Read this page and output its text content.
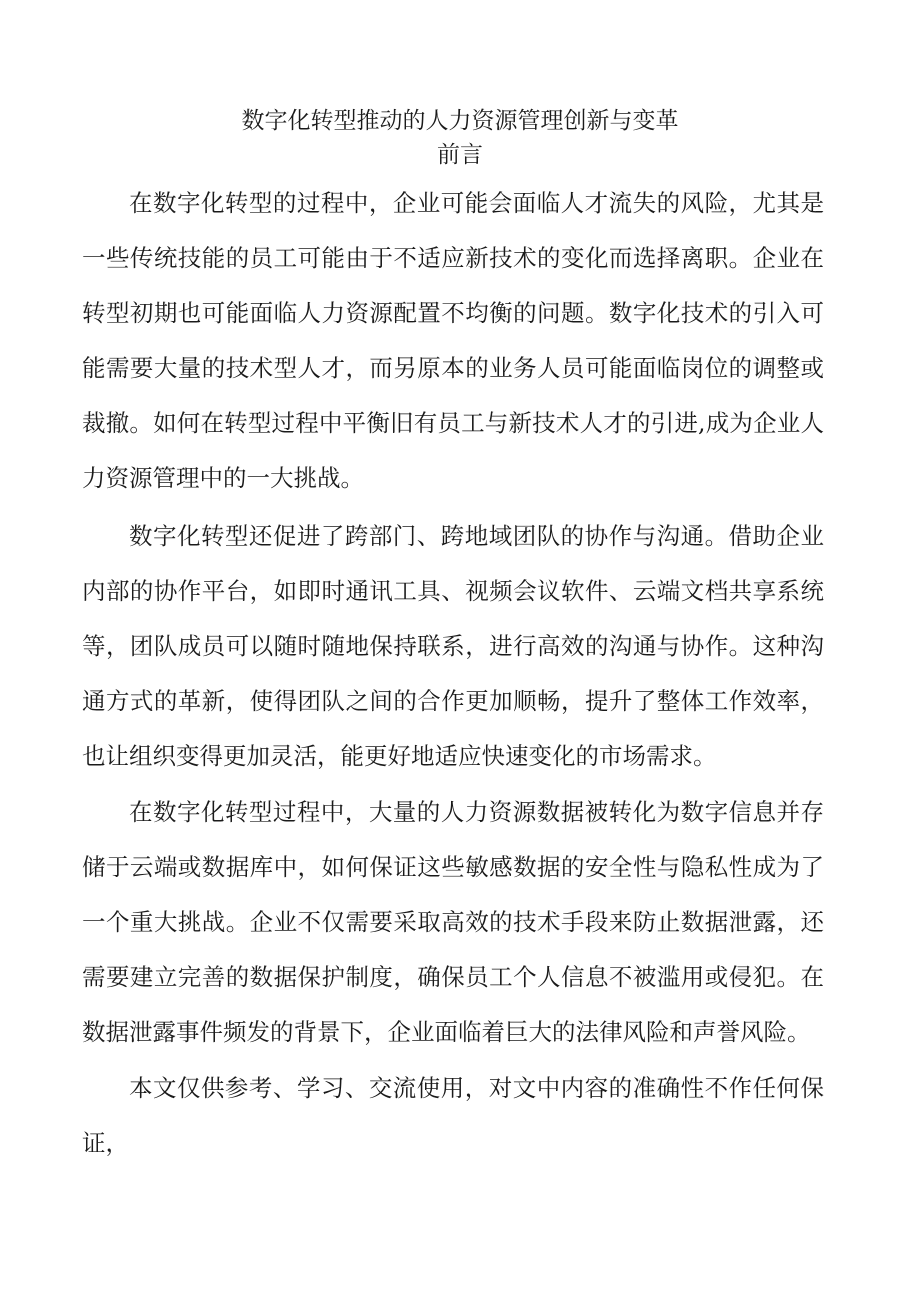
数字化转型推动的人力资源管理创新与变革
前言

在数字化转型的过程中，企业可能会面临人才流失的风险，尤其是一些传统技能的员工可能由于不适应新技术的变化而选择离职。企业在转型初期也可能面临人力资源配置不均衡的问题。数字化技术的引入可能需要大量的技术型人才，而另原本的业务人员可能面临岗位的调整或裁撤。如何在转型过程中平衡旧有员工与新技术人才的引进,成为企业人力资源管理中的一大挑战。

数字化转型还促进了跨部门、跨地域团队的协作与沟通。借助企业内部的协作平台，如即时通讯工具、视频会议软件、云端文档共享系统等，团队成员可以随时随地保持联系，进行高效的沟通与协作。这种沟通方式的革新，使得团队之间的合作更加顺畅，提升了整体工作效率，也让组织变得更加灵活，能更好地适应快速变化的市场需求。

在数字化转型过程中，大量的人力资源数据被转化为数字信息并存储于云端或数据库中，如何保证这些敏感数据的安全性与隐私性成为了一个重大挑战。企业不仅需要采取高效的技术手段来防止数据泄露，还需要建立完善的数据保护制度，确保员工个人信息不被滥用或侵犯。在数据泄露事件频发的背景下，企业面临着巨大的法律风险和声誉风险。

本文仅供参考、学习、交流使用，对文中内容的准确性不作任何保证，
